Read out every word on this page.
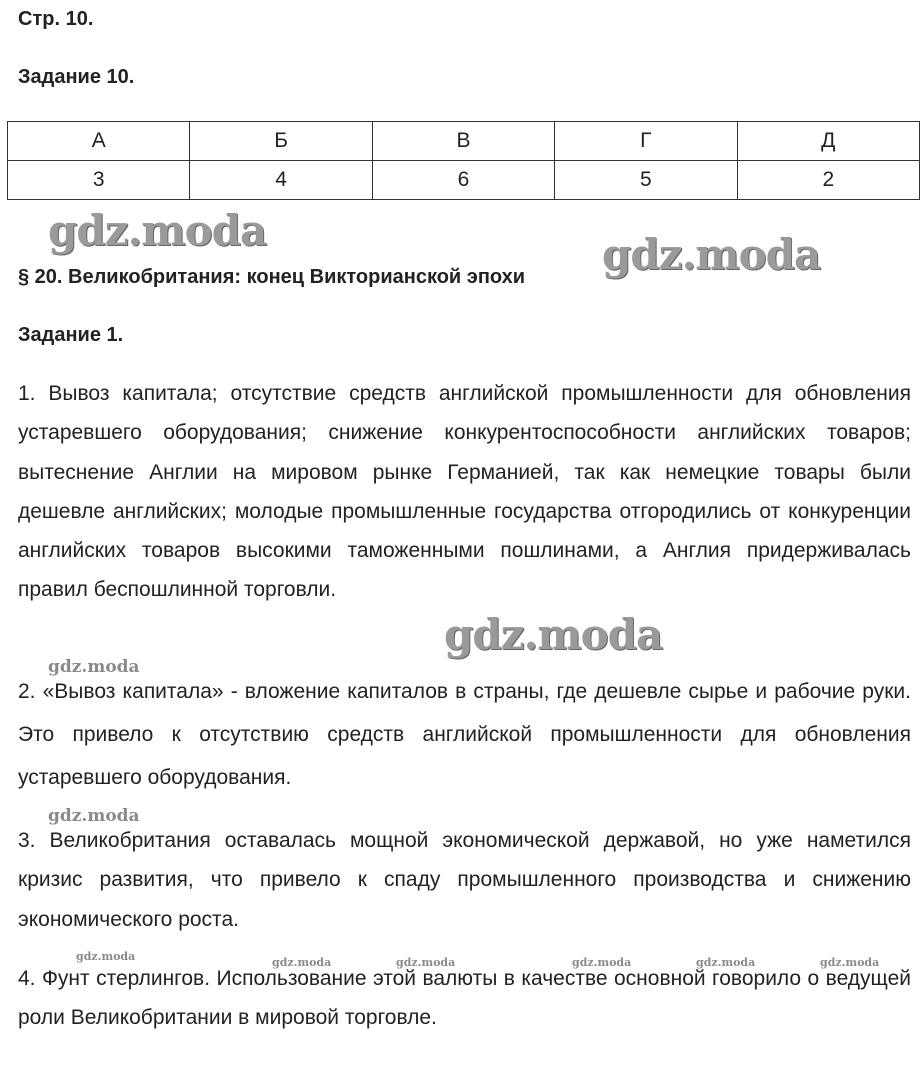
Стр. 10.
Задание 10.
А	Б	В	Г	Д
3	4	6	5	2
§ 20. Великобритания: конец Викторианской эпохи
Задание 1.

1. Вывоз капитала; отсутствие средств английской промышленности для обновления устаревшего оборудования; снижение конкурентоспособности английских товаров; вытеснение Англии на мировом рынке Германией, так как немецкие товары были дешевле английских; молодые промышленные государства отгородились от конкуренции английских товаров высокими таможенными пошлинами, а Англия придерживалась правил беспошлинной торговли.

2. «Вывоз капитала» - вложение капиталов в страны, где дешевле сырье и рабочие руки. Это привело к отсутствию средств английской промышленности для обновления устаревшего оборудования.

3. Великобритания оставалась мощной экономической державой, но уже наметился кризис развития, что привело к спаду промышленного производства и снижению экономического роста.

4. Фунт стерлингов. Использование этой валюты в качестве основной говорило о ведущей роли Великобритании в мировой торговле.

gdz.moda	gdz.moda
gdz.moda
gdz.moda
gdz.moda
gdz.moda	gdz.moda	gdz.moda	gdz.moda	gdz.moda	gdz.moda
